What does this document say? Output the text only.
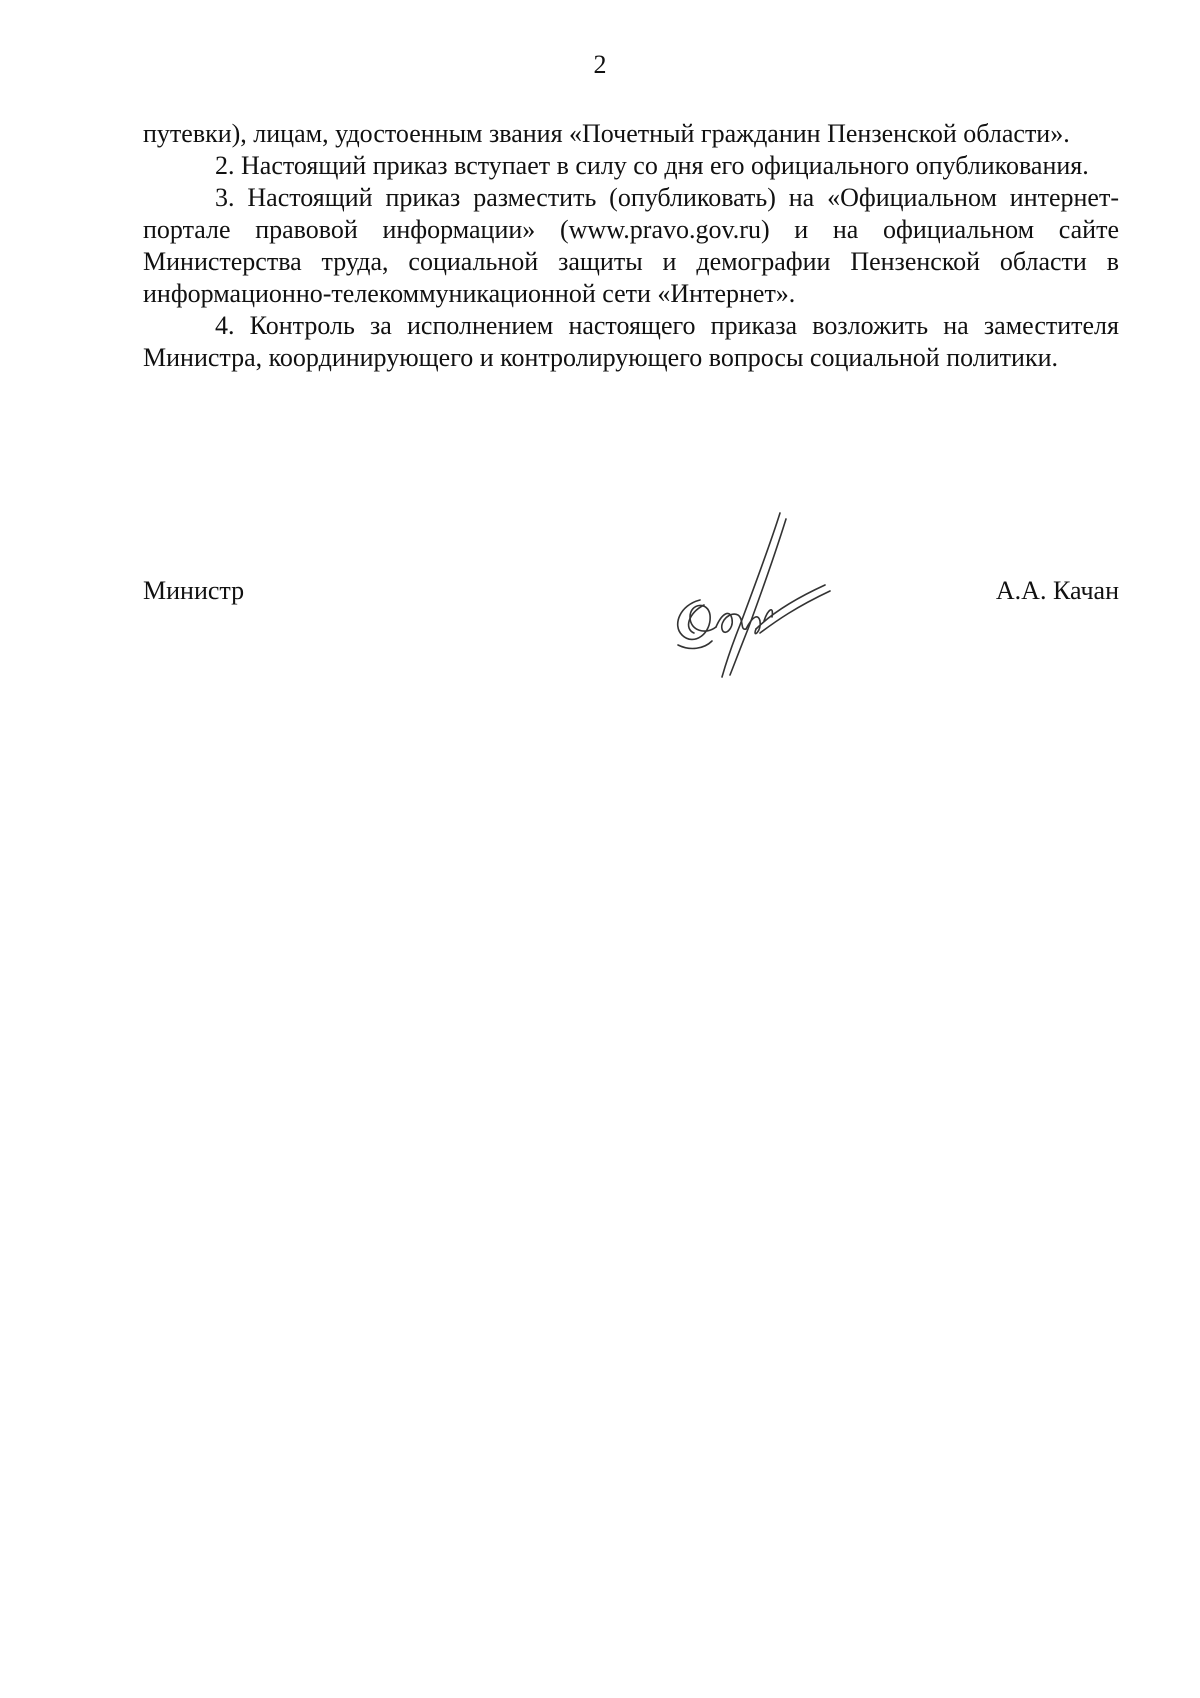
2

путевки), лицам, удостоенным звания «Почетный гражданин Пензенской области».

2. Настоящий приказ вступает в силу со дня его официального опубликования.

3. Настоящий приказ разместить (опубликовать) на «Официальном интернет-портале правовой информации» (www.pravo.gov.ru) и на официальном сайте Министерства труда, социальной защиты и демографии Пензенской области в информационно-телекоммуникационной сети «Интернет».

4. Контроль за исполнением настоящего приказа возложить на заместителя Министра, координирующего и контролирующего вопросы социальной политики.

Министр	А.А. Качан
